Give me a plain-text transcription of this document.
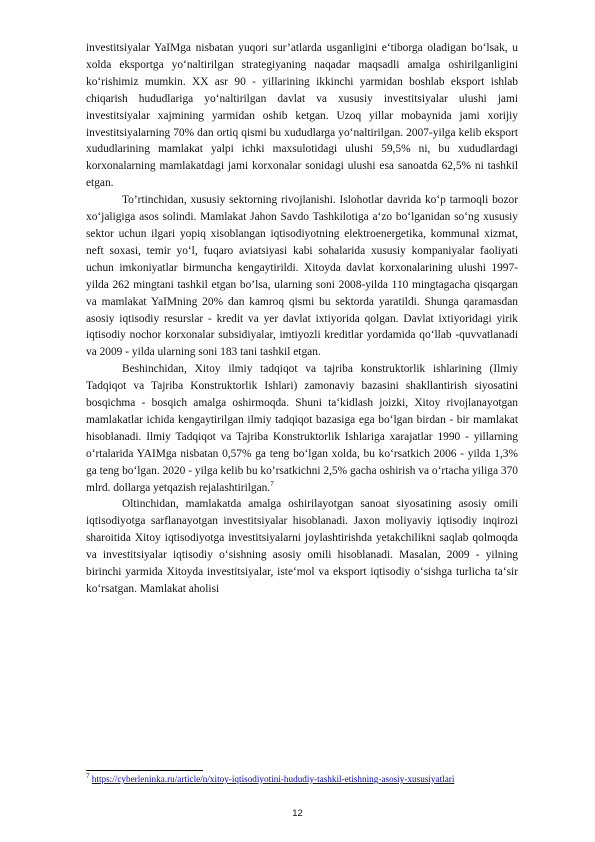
investitsiyalar YaIMga nisbatan yuqori sur’atlarda usganligini e‘tiborga oladigan bo‘lsak, u xolda eksportga yo‘naltirilgan strategiyaning naqadar maqsadli amalga oshirilganligini ko‘rishimiz mumkin. XX asr 90 - yillarining ikkinchi yarmidan boshlab eksport ishlab chiqarish hududlariga yo‘naltirilgan davlat va xususiy investitsiyalar ulushi jami investitsiyalar xajmining yarmidan oshib ketgan. Uzoq yillar mobaynida jami xorijiy investitsiyalarning 70% dan ortiq qismi bu xududlarga yo‘naltirilgan. 2007-yilga kelib eksport xududlarining mamlakat yalpi ichki maxsulotidagi ulushi 59,5% ni, bu xududlardagi korxonalarning mamlakatdagi jami korxonalar sonidagi ulushi esa sanoatda 62,5% ni tashkil etgan.

To’rtinchidan, xususiy sektorning rivojlanishi. Islohotlar davrida ko‘p tarmoqli bozor xo‘jaligiga asos solindi. Mamlakat Jahon Savdo Tashkilotiga a‘zo bo‘lganidan so‘ng xususiy sektor uchun ilgari yopiq xisoblangan iqtisodiyotning elektroenergetika, kommunal xizmat, neft soxasi, temir yo‘l, fuqaro aviatsiyasi kabi sohalarida xususiy kompaniyalar faoliyati uchun imkoniyatlar birmuncha kengaytirildi. Xitoyda davlat korxonalarining ulushi 1997-yilda 262 mingtani tashkil etgan bo’lsa, ularning soni 2008-yilda 110 mingtagacha qisqargan va mamlakat YaIMning 20% dan kamroq qismi bu sektorda yaratildi. Shunga qaramasdan asosiy iqtisodiy resurslar - kredit va yer davlat ixtiyorida qolgan. Davlat ixtiyoridagi yirik iqtisodiy nochor korxonalar subsidiyalar, imtiyozli kreditlar yordamida qo‘llab -quvvatlanadi va 2009 - yilda ularning soni 183 tani tashkil etgan.

Beshinchidan, Xitoy ilmiy tadqiqot va tajriba konstruktorlik ishlarining (Ilmiy Tadqiqot va Tajriba Konstruktorlik Ishlari) zamonaviy bazasini shakllantirish siyosatini bosqichma - bosqich amalga oshirmoqda. Shuni ta‘kidlash joizki, Xitoy rivojlanayotgan mamlakatlar ichida kengaytirilgan ilmiy tadqiqot bazasiga ega bo‘lgan birdan - bir mamlakat hisoblanadi. Ilmiy Tadqiqot va Tajriba Konstruktorlik Ishlariga xarajatlar 1990 - yillarning o‘rtalarida YAIMga nisbatan 0,57% ga teng bo‘lgan xolda, bu ko‘rsatkich 2006 - yilda 1,3% ga teng bo‘lgan. 2020 - yilga kelib bu ko’rsatkichni 2,5% gacha oshirish va o‘rtacha yiliga 370 mlrd. dollarga yetqazish rejalashtirilgan.$^7$

Oltinchidan, mamlakatda amalga oshirilayotgan sanoat siyosatining asosiy omili iqtisodiyotga sarflanayotgan investitsiyalar hisoblanadi. Jaxon moliyaviy iqtisodiy inqirozi sharoitida Xitoy iqtisodiyotga investitsiyalarni joylashtirishda yetakchilikni saqlab qolmoqda va investitsiyalar iqtisodiy o‘sishning asosiy omili hisoblanadi. Masalan, 2009 - yilning birinchi yarmida Xitoyda investitsiyalar, iste‘mol va eksport iqtisodiy o‘sishga turlicha ta‘sir ko‘rsatgan. Mamlakat aholisi

$^7$ https://cyberleninka.ru/article/n/xitoy-iqtisodiyotini-hududiy-tashkil-etishning-asosiy-xususiyatlari
12
